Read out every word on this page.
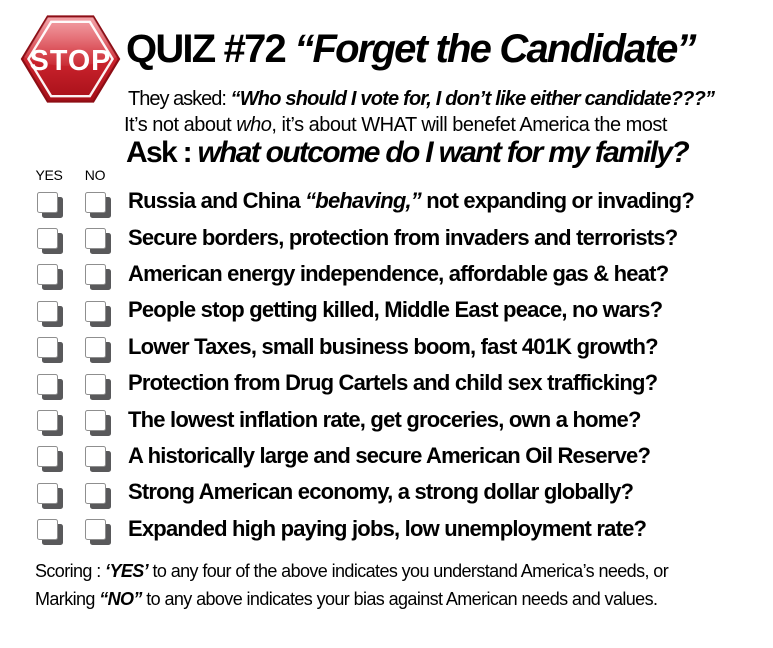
STOP QUIZ #72 “Forget the Candidate”
They asked: “Who should I vote for, I don’t like either candidate???”
It’s not about who, it’s about WHAT will benefet America the most
Ask : what outcome do I want for my family?
YES NO
Russia and China “behaving,” not expanding or invading?
Secure borders, protection from invaders and terrorists?
American energy independence, affordable gas & heat?
People stop getting killed, Middle East peace, no wars?
Lower Taxes, small business boom, fast 401K growth?
Protection from Drug Cartels and child sex trafficking?
The lowest inflation rate, get groceries, own a home?
A historically large and secure American Oil Reserve?
Strong American economy, a strong dollar globally?
Expanded high paying jobs, low unemployment rate?
Scoring : ‘YES’ to any four of the above indicates you understand America’s needs, or
Marking “NO” to any above indicates your bias against American needs and values.
